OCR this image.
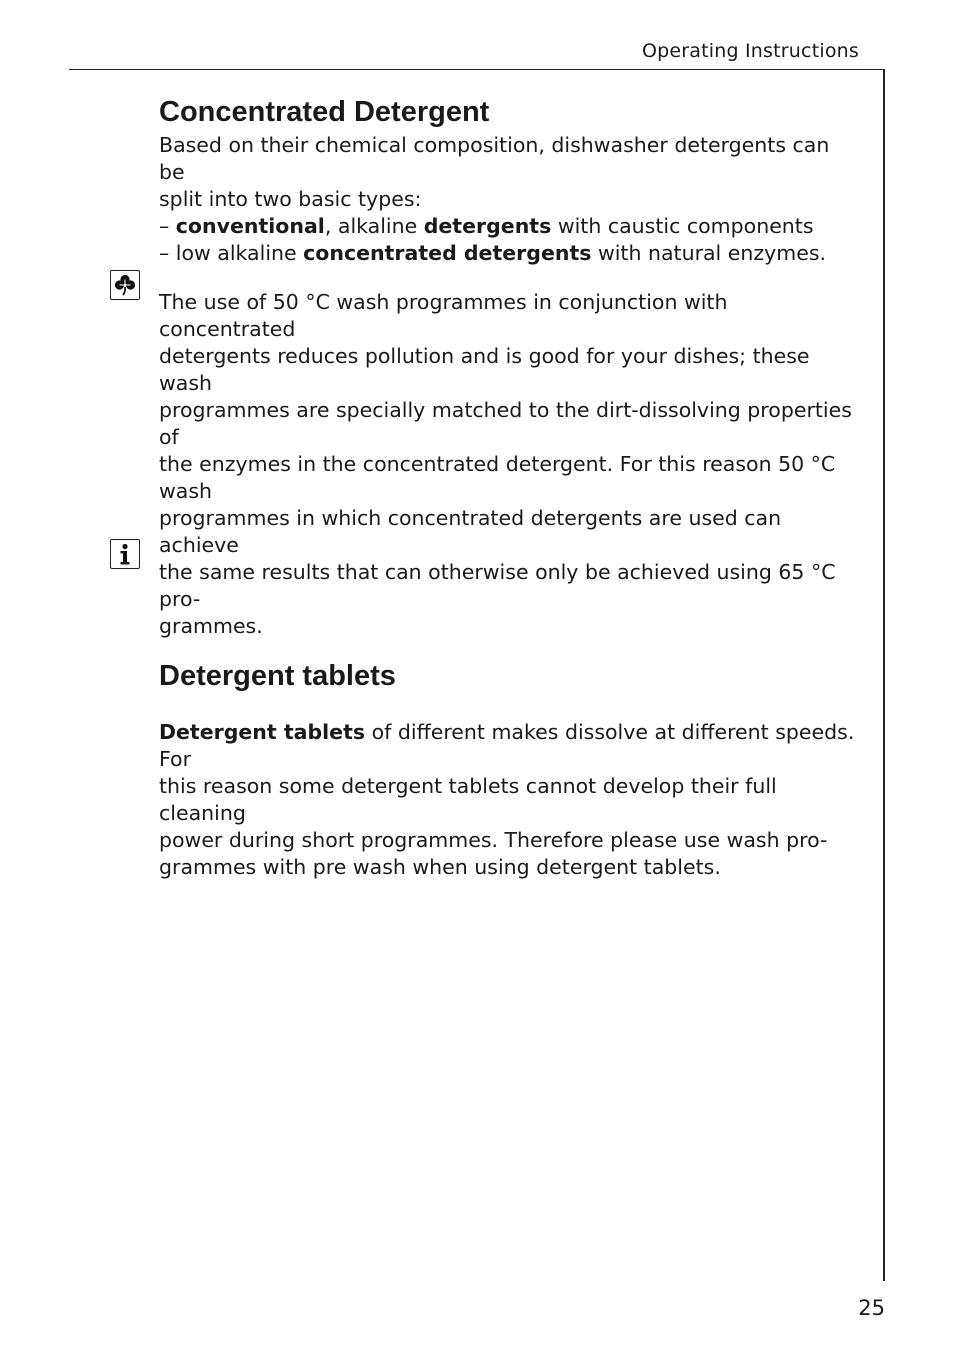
Operating Instructions
25
Concentrated Detergent
Based on their chemical composition, dishwasher detergents can be
split into two basic types:
– conventional, alkaline detergents with caustic components
– low alkaline concentrated detergents with natural enzymes.
The use of 50 °C wash programmes in conjunction with concentrated
detergents reduces pollution and is good for your dishes; these wash
programmes are specially matched to the dirt-dissolving properties of
the enzymes in the concentrated detergent. For this reason 50 °C wash
programmes in which concentrated detergents are used can achieve
the same results that can otherwise only be achieved using 65 °C pro-
grammes.
Detergent tablets
Detergent tablets of different makes dissolve at different speeds. For
this reason some detergent tablets cannot develop their full cleaning
power during short programmes. Therefore please use wash pro-
grammes with pre wash when using detergent tablets.
